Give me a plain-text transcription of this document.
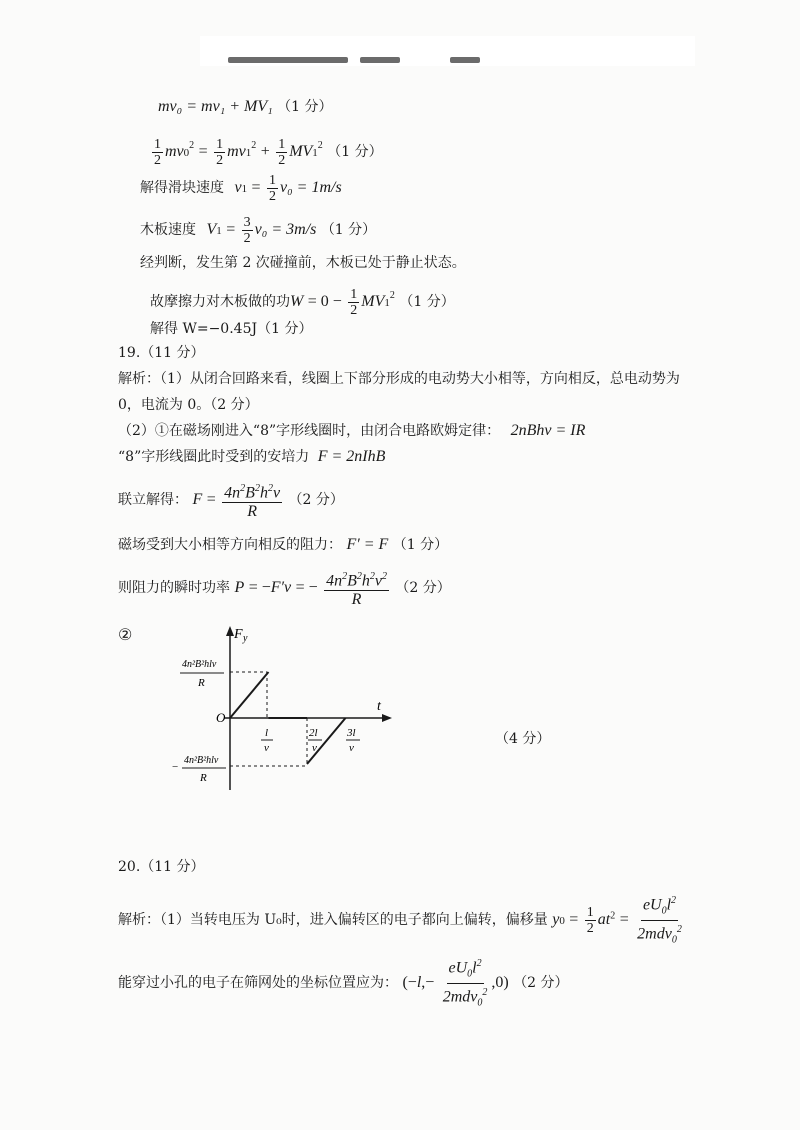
mv₀ = mv₁ + MV₁ （1 分）
$\frac{1}{2} mv0^2 = \frac{1}{2} mv1^2 + \frac{1}{2} MV1^2$ （1 分）
解得滑块速度 $v1 = \frac{1}{2} v_0 = 1m/s$
木板速度 $V1 = \frac{3}{2} v_0 = 3m/s$ （1 分）
经判断，发生第 2 次碰撞前，木板已处于静止状态。
故摩擦力对木板做的功$W = 0 - \frac{1}{2} MV1^2$ （1 分）
解得 W=−0.45J（1 分）
19.（11 分）
解析：（1）从闭合回路来看，线圈上下部分形成的电动势大小相等，方向相反，总电动势为
0，电流为 0。（2 分）
（2）①在磁场刚进入“8”字形线圈时，由闭合电路欧姆定律： 2nBhv = IR
“8”字形线圈此时受到的安培力 F = 2nIhB
联立解得： $F = \frac{4n^2B^2h^2v}{R} (2$ 分）
磁场受到大小相等方向相反的阻力： F′ = F （1 分）
则阻力的瞬时功率 P = −F′v = − $\frac{4n^2B^2h^2v^2}{R} (2$ 分）
②	F y
t
O
4n²B²hlv
R
−
4n²B²hlv
R
l
v
2l
v
3l
v
（4 分）
20.（11 分）
解析：（1）当转电压为 U₀时，进入偏转区的电子都向上偏转，偏移量 $y0 = \frac{1}{2} at^2 = \frac{eU_0l^2}{2mdv_0^2}$
能穿过小孔的电子在筛网处的坐标位置应为： $(-l,- \frac{eU_0l^2}{2mdv_0^2} ,0)$ （2 分）
